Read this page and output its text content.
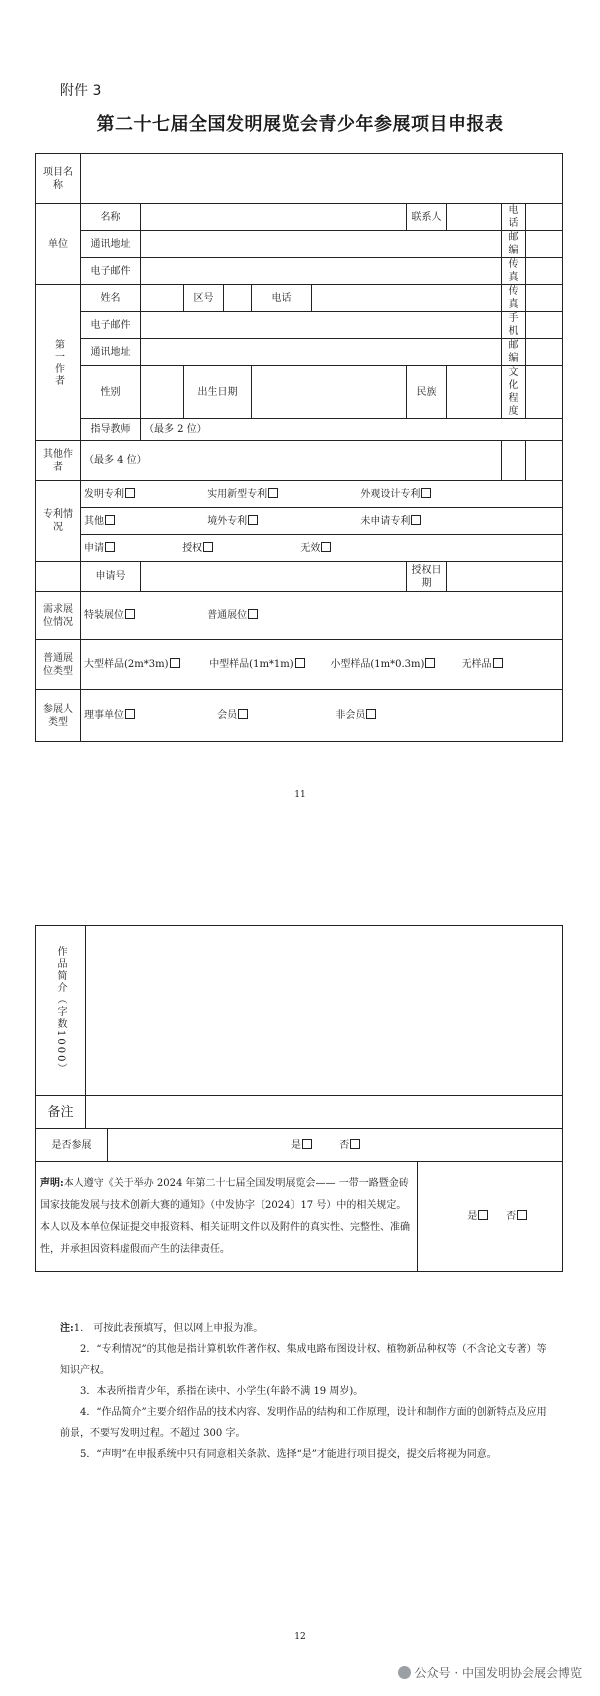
附件 3
第二十七届全国发明展览会青少年参展项目申报表
项目名称										
单位	名称						联系人		电话	
	通讯地址								邮编	
	电子邮件								传真	

第一作者	姓名		区号		电话				传真	
	电子邮件								手机	
	通讯地址								邮编	
	性别		出生日期				民族		文化程度	
	指导教师	（最多 2 位）								
其他作者	（最多 4 位）									
专利情况	发明专利 实用新型专利 外观设计专利									
	其他 境外专利 未申请专利									
	申请 授权 无效									
	申请号						授权日期			
需求展位情况	特装展位 普通展位									
普通展位类型	大型样品(2m*3m) 中型样品(1m*1m) 小型样品(1m*0.3m) 无样品									
参展人类型	理事单位 会员 非会员									
11
作品简介（字数1000）			

备注			
是否参展		是 否	
声明:本人遵守《关于举办 2024 年第二十七届全国发明展览会—— 一带一路暨金砖国家技能发展与技术创新大赛的通知》（中发协字〔2024〕17 号）中的相关规定。本人以及本单位保证提交申报资料、相关证明文件以及附件的真实性、完整性、准确性，并承担因资料虚假而产生的法律责任。			是 否

注:1.　可按此表预填写，但以网上申报为准。

2．“专利情况”的其他是指计算机软件著作权、集成电路布图设计权、植物新品种权等（不含论文专著）等知识产权。

3．本表所指青少年，系指在读中、小学生(年龄不满 19 周岁)。

4．“作品简介”主要介绍作品的技术内容、发明作品的结构和工作原理，设计和制作方面的创新特点及应用前景，不要写发明过程。不超过 300 字。

5．“声明”在申报系统中只有同意相关条款、选择“是”才能进行项目提交，提交后将视为同意。

12
公众号 · 中国发明协会展会博览
